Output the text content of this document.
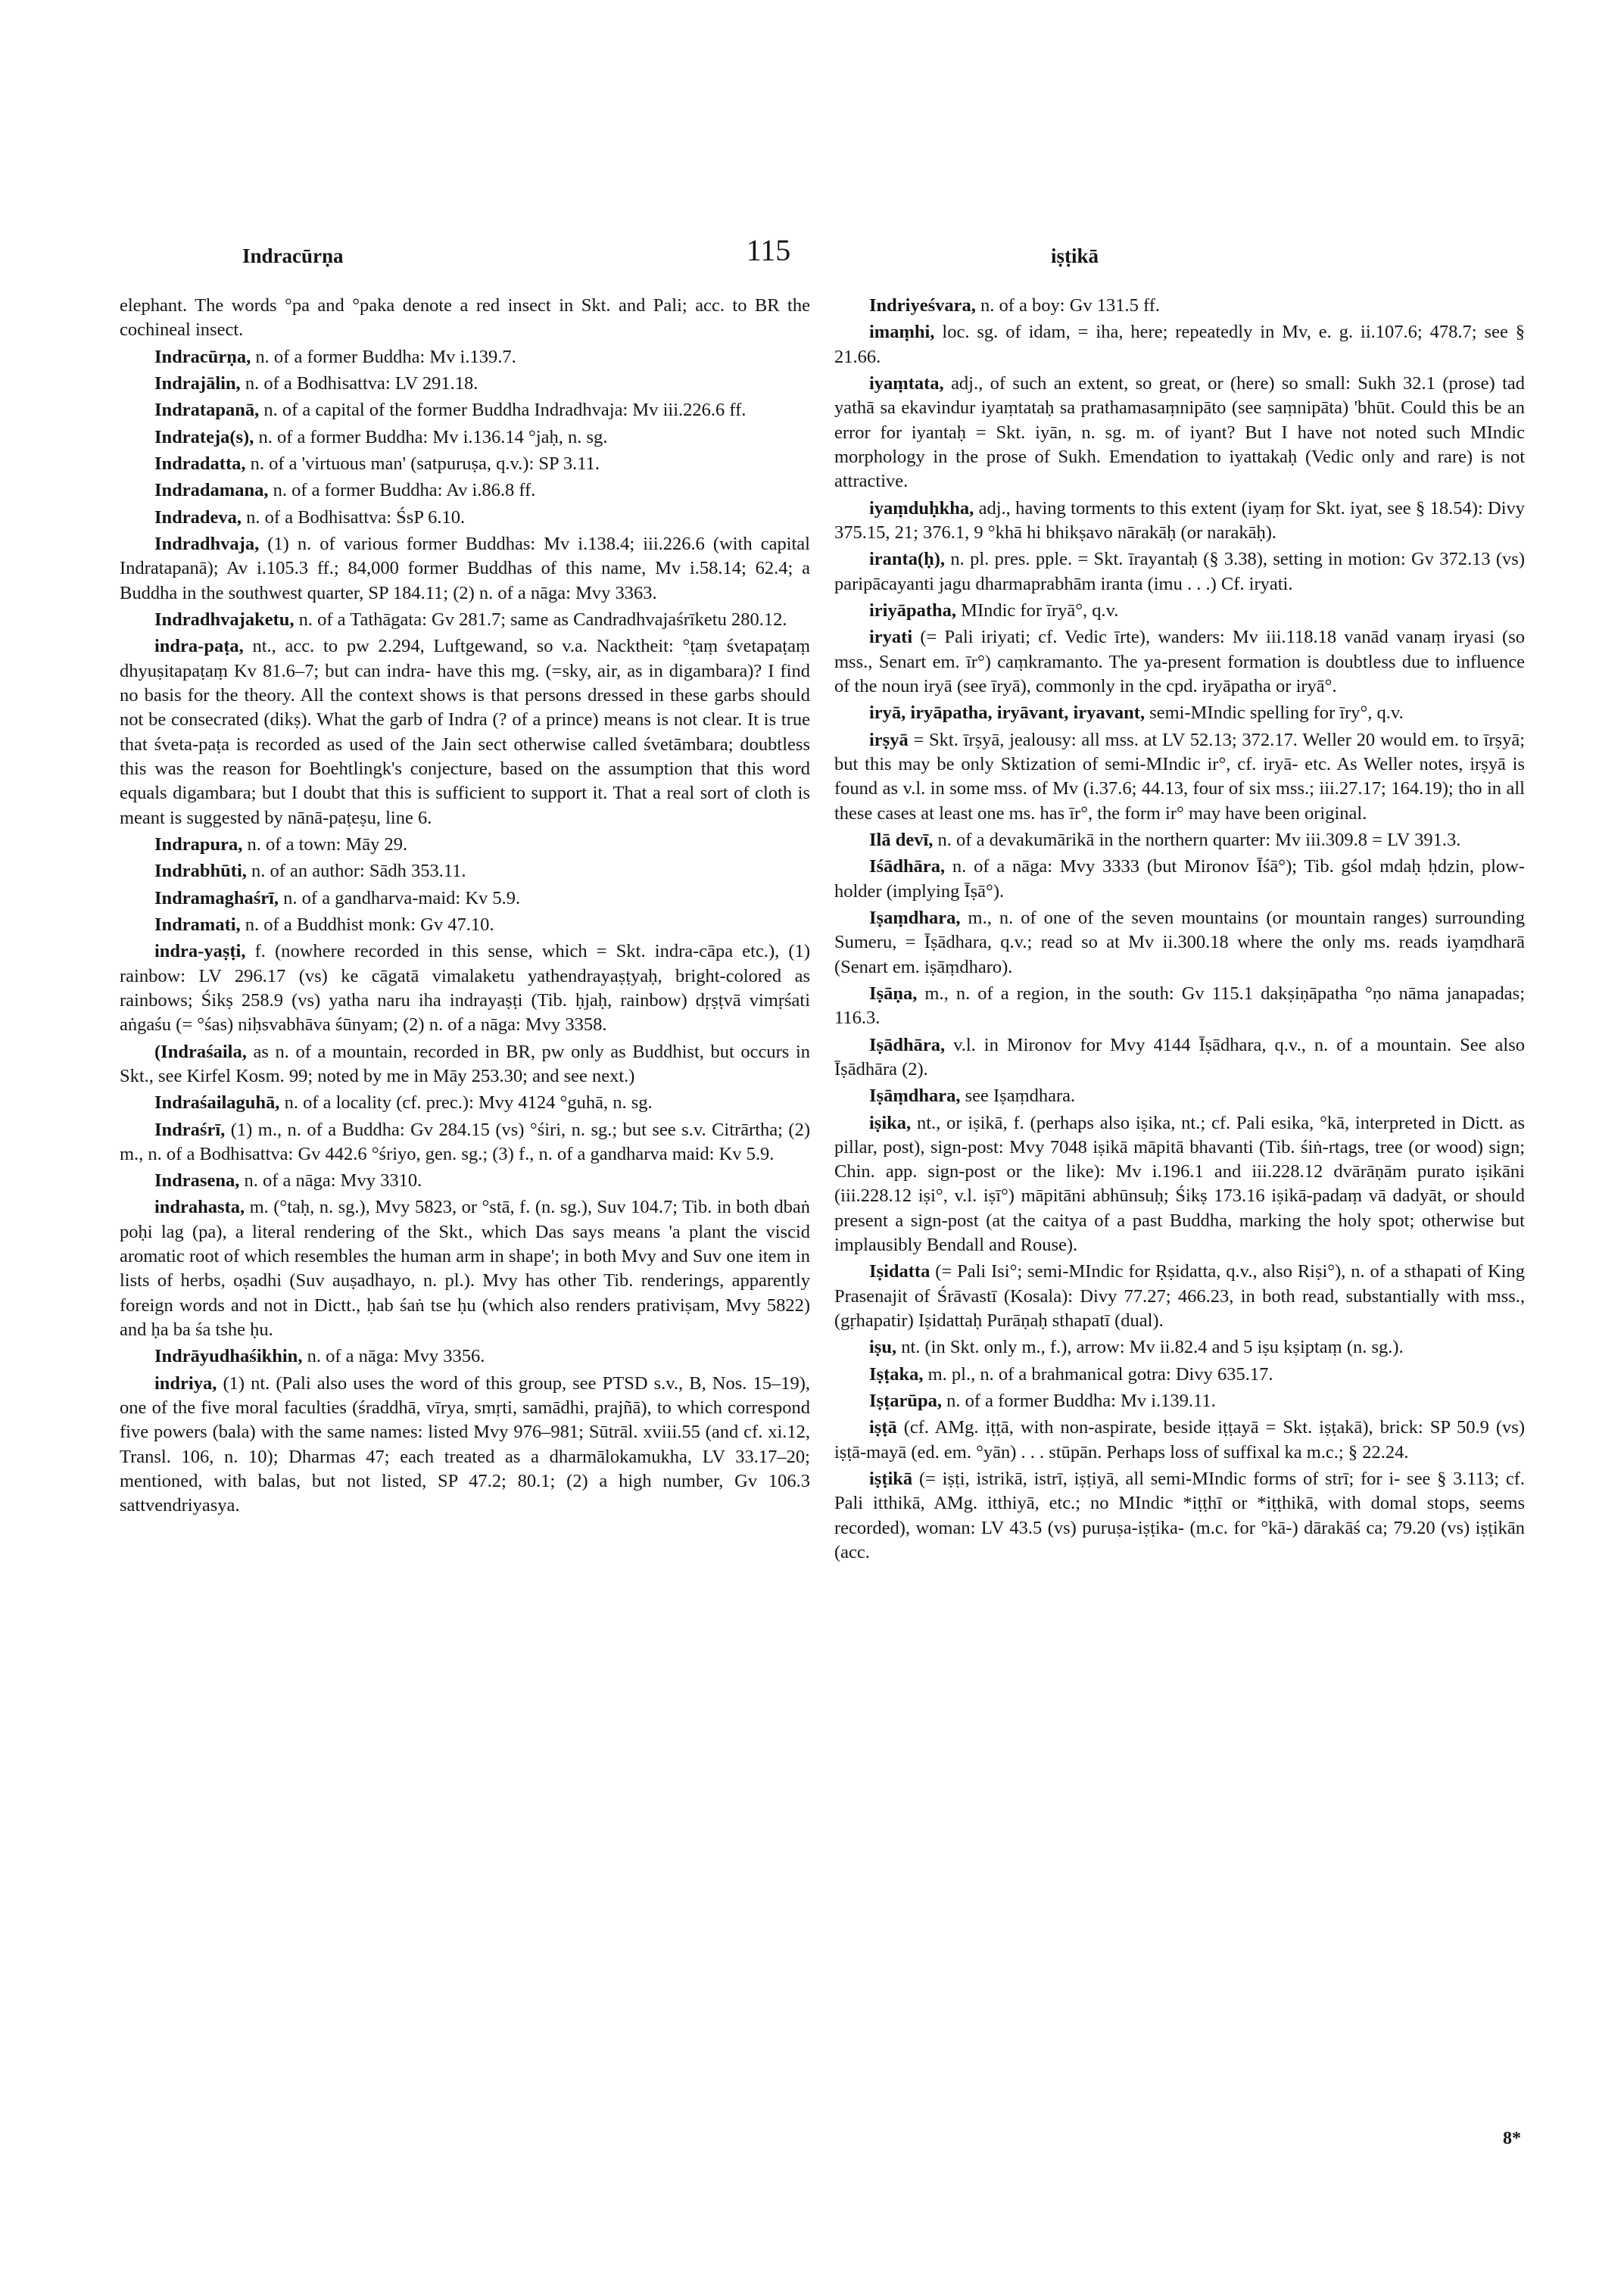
Indracūrṇa	115	iṣṭikā

elephant. The words °pa and °paka denote a red insect in Skt. and Pali; acc. to BR the cochineal insect.

Indracūrṇa, n. of a former Buddha: Mv i.139.7.

Indrajālin, n. of a Bodhisattva: LV 291.18.

Indratapanā, n. of a capital of the former Buddha Indradhvaja: Mv iii.226.6 ff.

Indrateja(s), n. of a former Buddha: Mv i.136.14 °jaḥ, n. sg.

Indradatta, n. of a 'virtuous man' (satpuruṣa, q.v.): SP 3.11.

Indradamana, n. of a former Buddha: Av i.86.8 ff.

Indradeva, n. of a Bodhisattva: ŚsP 6.10.

Indradhvaja, (1) n. of various former Buddhas: Mv i.138.4; iii.226.6 (with capital Indratapanā); Av i.105.3 ff.; 84,000 former Buddhas of this name, Mv i.58.14; 62.4; a Buddha in the southwest quarter, SP 184.11; (2) n. of a nāga: Mvy 3363.

Indradhvajaketu, n. of a Tathāgata: Gv 281.7; same as Candradhvajaśrīketu 280.12.

indra-paṭa, nt., acc. to pw 2.294, Luftgewand, so v.a. Nacktheit: °ṭaṃ śvetapaṭaṃ dhyuṣitapaṭaṃ Kv 81.6–7; but can indra- have this mg. (=sky, air, as in digambara)? I find no basis for the theory. All the context shows is that persons dressed in these garbs should not be consecrated (dikṣ). What the garb of Indra (? of a prince) means is not clear. It is true that śveta-paṭa is recorded as used of the Jain sect otherwise called śvetāmbara; doubtless this was the reason for Boehtlingk's conjecture, based on the assumption that this word equals digambara; but I doubt that this is sufficient to support it. That a real sort of cloth is meant is suggested by nānā-paṭeṣu, line 6.

Indrapura, n. of a town: Māy 29.

Indrabhūti, n. of an author: Sādh 353.11.

Indramaghaśrī, n. of a gandharva-maid: Kv 5.9.

Indramati, n. of a Buddhist monk: Gv 47.10.

indra-yaṣṭi, f. (nowhere recorded in this sense, which = Skt. indra-cāpa etc.), (1) rainbow: LV 296.17 (vs) ke cāgatā vimalaketu yathendrayaṣṭyaḥ, bright-colored as rainbows; Śikṣ 258.9 (vs) yatha naru iha indrayaṣṭi (Tib. ḥjaḥ, rainbow) dṛṣṭvā vimṛśati aṅgaśu (= °śas) niḥsvabhāva śūnyam; (2) n. of a nāga: Mvy 3358.

(Indraśaila, as n. of a mountain, recorded in BR, pw only as Buddhist, but occurs in Skt., see Kirfel Kosm. 99; noted by me in Māy 253.30; and see next.)

Indraśailaguhā, n. of a locality (cf. prec.): Mvy 4124 °guhā, n. sg.

Indraśrī, (1) m., n. of a Buddha: Gv 284.15 (vs) °śiri, n. sg.; but see s.v. Citrārtha; (2) m., n. of a Bodhisattva: Gv 442.6 °śriyo, gen. sg.; (3) f., n. of a gandharva maid: Kv 5.9.

Indrasena, n. of a nāga: Mvy 3310.

indrahasta, m. (°taḥ, n. sg.), Mvy 5823, or °stā, f. (n. sg.), Suv 104.7; Tib. in both dbaṅ poḥi lag (pa), a literal rendering of the Skt., which Das says means 'a plant the viscid aromatic root of which resembles the human arm in shape'; in both Mvy and Suv one item in lists of herbs, oṣadhi (Suv auṣadhayo, n. pl.). Mvy has other Tib. renderings, apparently foreign words and not in Dictt., ḥab śaṅ tse ḥu (which also renders prativiṣam, Mvy 5822) and ḥa ba śa tshe ḥu.

Indrāyudhaśikhin, n. of a nāga: Mvy 3356.

indriya, (1) nt. (Pali also uses the word of this group, see PTSD s.v., B, Nos. 15–19), one of the five moral faculties (śraddhā, vīrya, smṛti, samādhi, prajñā), to which correspond five powers (bala) with the same names: listed Mvy 976–981; Sūtrāl. xviii.55 (and cf. xi.12, Transl. 106, n. 10); Dharmas 47; each treated as a dharmālokamukha, LV 33.17–20; mentioned, with balas, but not listed, SP 47.2; 80.1; (2) a high number, Gv 106.3 sattvendriyasya.

Indriyeśvara, n. of a boy: Gv 131.5 ff.

imaṃhi, loc. sg. of idam, = iha, here; repeatedly in Mv, e. g. ii.107.6; 478.7; see § 21.66.

iyaṃtata, adj., of such an extent, so great, or (here) so small: Sukh 32.1 (prose) tad yathā sa ekavindur iyaṃtataḥ sa prathamasaṃnipāto (see saṃnipāta) 'bhūt. Could this be an error for iyantaḥ = Skt. iyān, n. sg. m. of iyant? But I have not noted such MIndic morphology in the prose of Sukh. Emendation to iyattakaḥ (Vedic only and rare) is not attractive.

iyaṃduḥkha, adj., having torments to this extent (iyaṃ for Skt. iyat, see § 18.54): Divy 375.15, 21; 376.1, 9 °khā hi bhikṣavo nārakāḥ (or narakāḥ).

iranta(ḥ), n. pl. pres. pple. = Skt. īrayantaḥ (§ 3.38), setting in motion: Gv 372.13 (vs) paripācayanti jagu dharmaprabhām iranta (imu . . .) Cf. iryati.

iriyāpatha, MIndic for īryā°, q.v.

iryati (= Pali iriyati; cf. Vedic īrte), wanders: Mv iii.118.18 vanād vanaṃ iryasi (so mss., Senart em. īr°) caṃkramanto. The ya-present formation is doubtless due to influence of the noun iryā (see īryā), commonly in the cpd. iryāpatha or iryā°.

iryā, iryāpatha, iryāvant, iryavant, semi-MIndic spelling for īry°, q.v.

irṣyā = Skt. īrṣyā, jealousy: all mss. at LV 52.13; 372.17. Weller 20 would em. to īrṣyā; but this may be only Sktization of semi-MIndic ir°, cf. iryā- etc. As Weller notes, irṣyā is found as v.l. in some mss. of Mv (i.37.6; 44.13, four of six mss.; iii.27.17; 164.19); tho in all these cases at least one ms. has īr°, the form ir° may have been original.

Ilā devī, n. of a devakumārikā in the northern quarter: Mv iii.309.8 = LV 391.3.

Iśādhāra, n. of a nāga: Mvy 3333 (but Mironov Īśā°); Tib. gśol mdaḥ ḥdzin, plow-holder (implying Īṣā°).

Iṣaṃdhara, m., n. of one of the seven mountains (or mountain ranges) surrounding Sumeru, = Īṣādhara, q.v.; read so at Mv ii.300.18 where the only ms. reads iyaṃdharā (Senart em. iṣāṃdharo).

Iṣāṇa, m., n. of a region, in the south: Gv 115.1 dakṣiṇāpatha °ṇo nāma janapadas; 116.3.

Iṣādhāra, v.l. in Mironov for Mvy 4144 Īṣādhara, q.v., n. of a mountain. See also Īṣādhāra (2).

Iṣāṃdhara, see Iṣaṃdhara.

iṣika, nt., or iṣikā, f. (perhaps also iṣika, nt.; cf. Pali esika, °kā, interpreted in Dictt. as pillar, post), sign-post: Mvy 7048 iṣikā māpitā bhavanti (Tib. śiṅ-rtags, tree (or wood) sign; Chin. app. sign-post or the like): Mv i.196.1 and iii.228.12 dvārāṇām purato iṣikāni (iii.228.12 iṣi°, v.l. iṣī°) māpitāni abhūnsuḥ; Śikṣ 173.16 iṣikā-padaṃ vā dadyāt, or should present a sign-post (at the caitya of a past Buddha, marking the holy spot; otherwise but implausibly Bendall and Rouse).

Iṣidatta (= Pali Isi°; semi-MIndic for Ṛṣidatta, q.v., also Riṣi°), n. of a sthapati of King Prasenajit of Śrāvastī (Kosala): Divy 77.27; 466.23, in both read, substantially with mss., (gṛhapatir) Iṣidattaḥ Purāṇaḥ sthapatī (dual).

iṣu, nt. (in Skt. only m., f.), arrow: Mv ii.82.4 and 5 iṣu kṣiptaṃ (n. sg.).

Iṣṭaka, m. pl., n. of a brahmanical gotra: Divy 635.17.

Iṣṭarūpa, n. of a former Buddha: Mv i.139.11.

iṣṭā (cf. AMg. iṭṭā, with non-aspirate, beside iṭṭayā = Skt. iṣṭakā), brick: SP 50.9 (vs) iṣṭā-mayā (ed. em. °yān) . . . stūpān. Perhaps loss of suffixal ka m.c.; § 22.24.

iṣṭikā (= iṣṭi, istrikā, istrī, iṣṭiyā, all semi-MIndic forms of strī; for i- see § 3.113; cf. Pali itthikā, AMg. itthiyā, etc.; no MIndic *iṭṭhī or *iṭṭhikā, with domal stops, seems recorded), woman: LV 43.5 (vs) puruṣa-iṣṭika- (m.c. for °kā-) dārakāś ca; 79.20 (vs) iṣṭikān (acc.

8*
